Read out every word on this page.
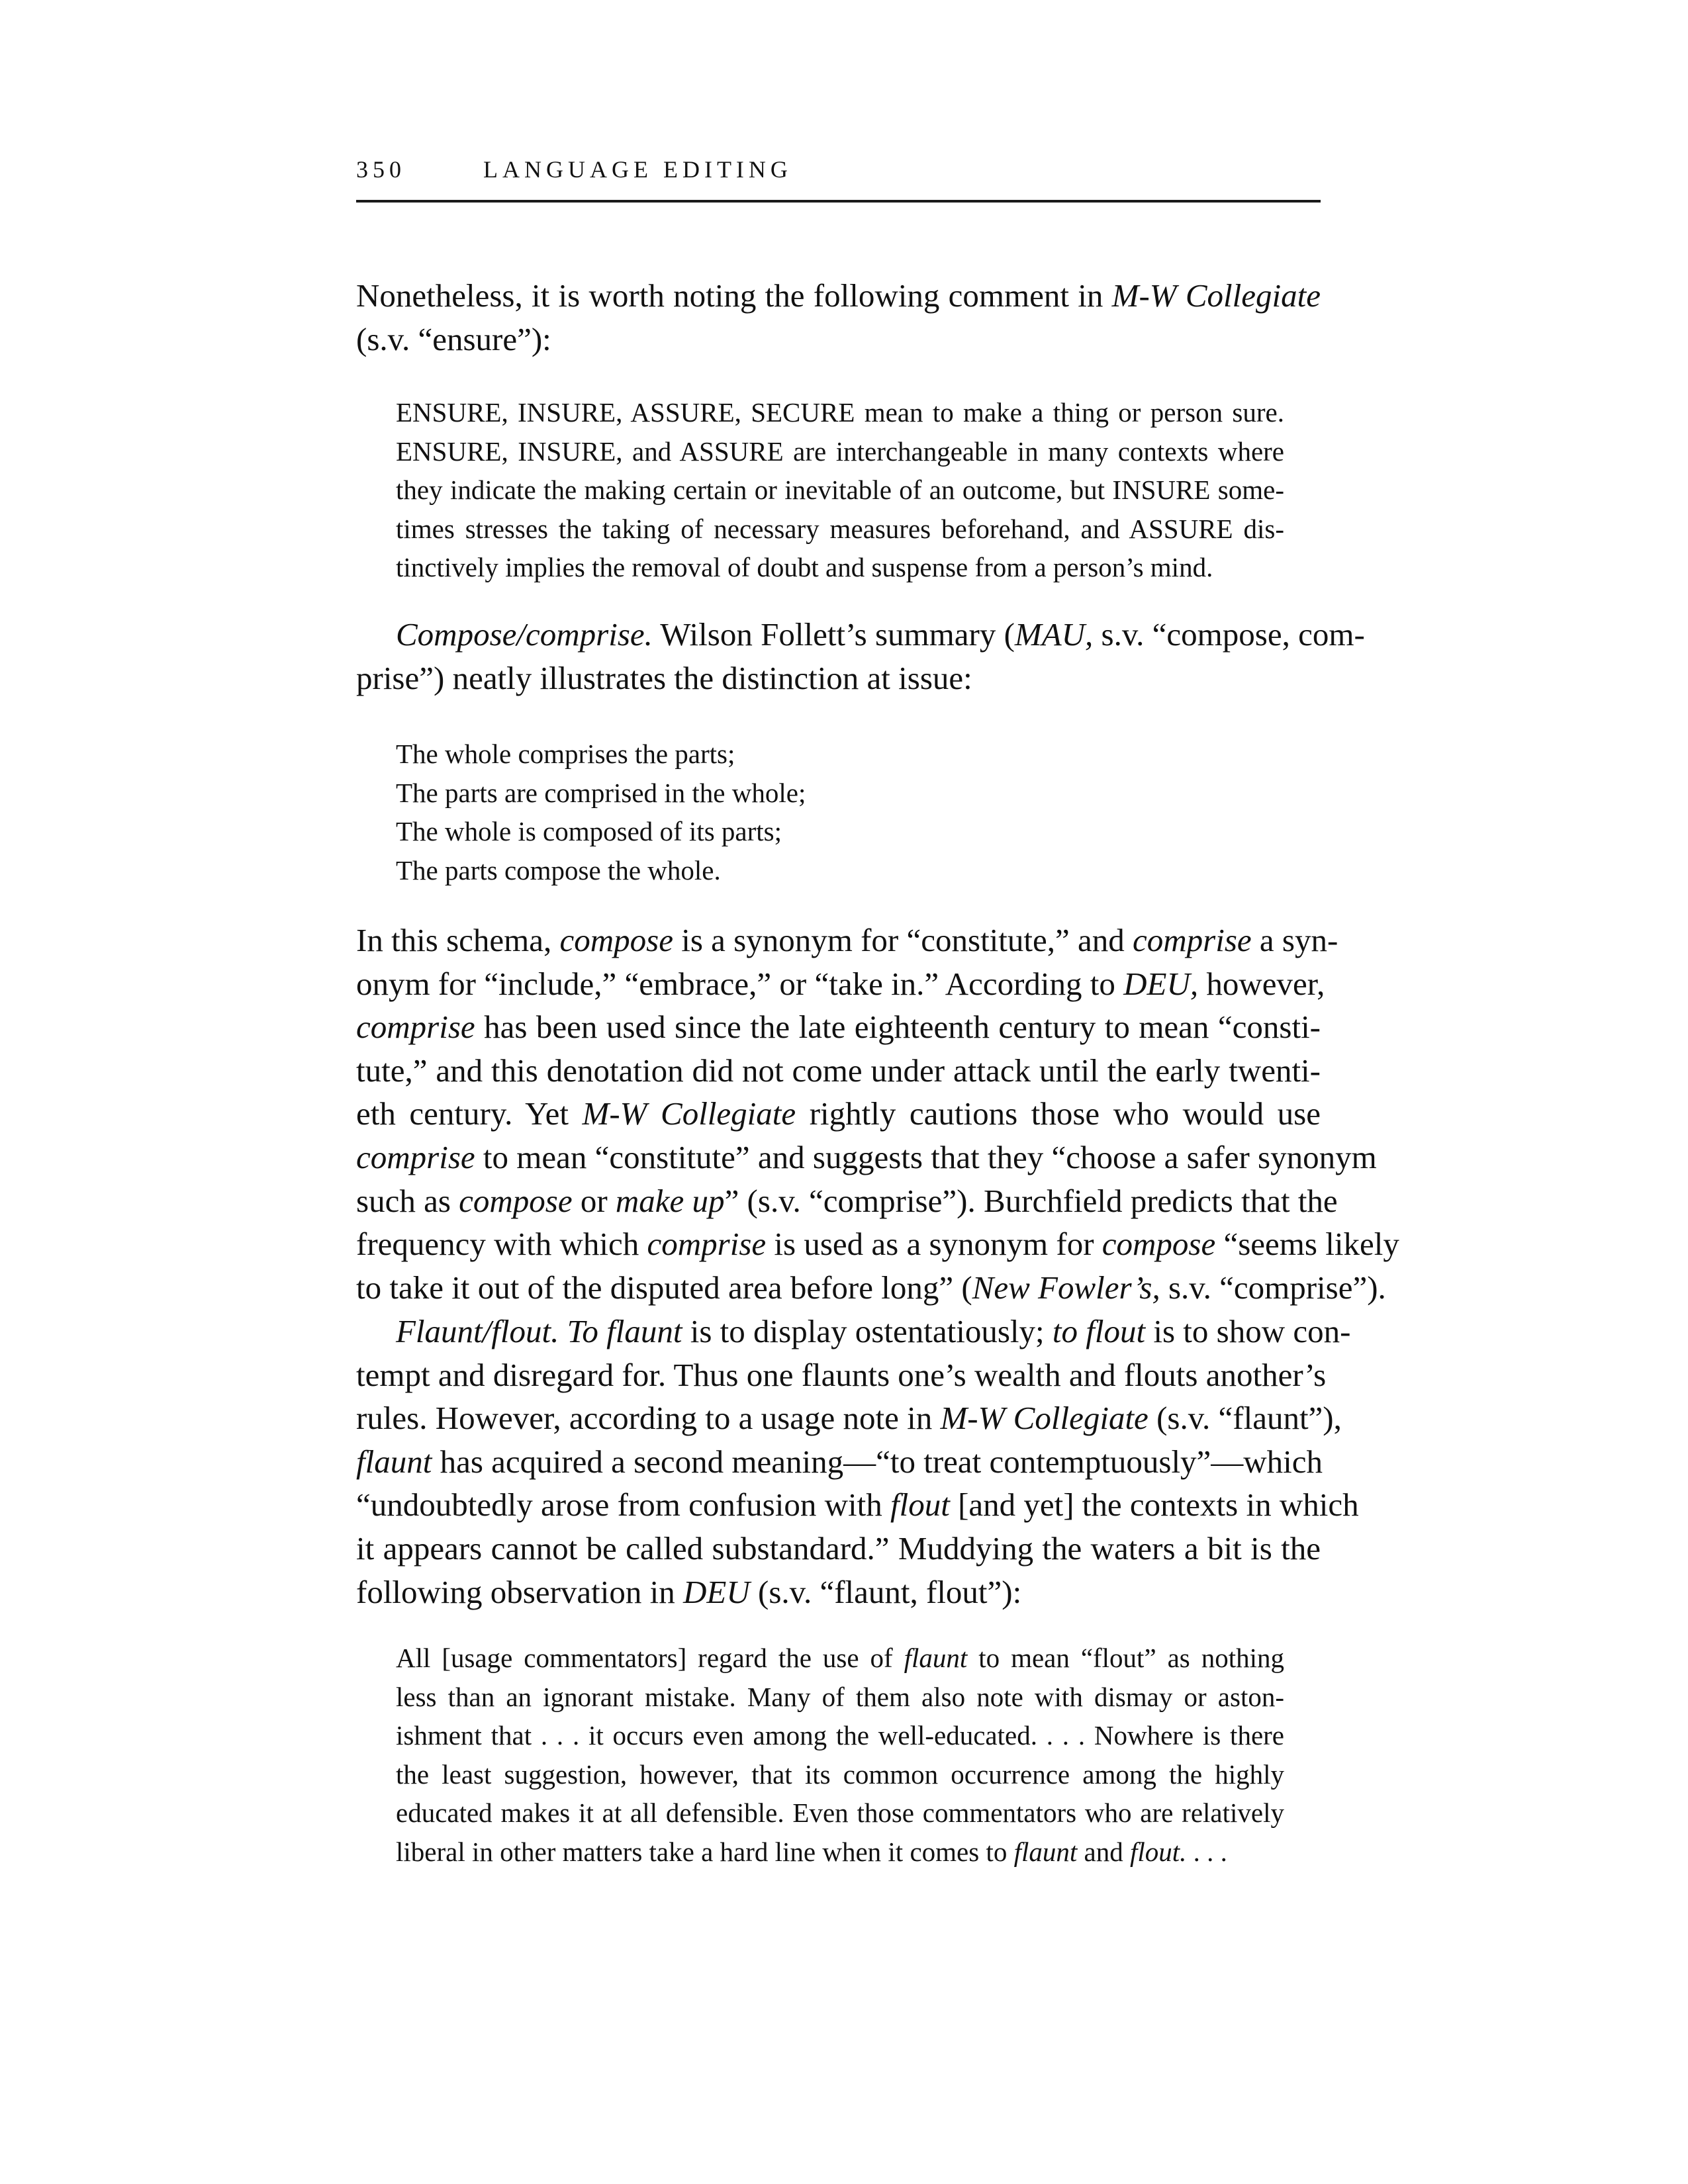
350	LANGUAGE EDITING
Nonetheless, it is worth noting the following comment in M-W Collegiate
(s.v. “ensure”):
ENSURE, INSURE, ASSURE, SECURE mean to make a thing or person sure.
ENSURE, INSURE, and ASSURE are interchangeable in many contexts where
they indicate the making certain or inevitable of an outcome, but INSURE some-
times stresses the taking of necessary measures beforehand, and ASSURE dis-
tinctively implies the removal of doubt and suspense from a person’s mind.
Compose/comprise. Wilson Follett’s summary (MAU, s.v. “compose, com-
prise”) neatly illustrates the distinction at issue:
The whole comprises the parts;
The parts are comprised in the whole;
The whole is composed of its parts;
The parts compose the whole.
In this schema, compose is a synonym for “constitute,” and comprise a syn-
onym for “include,” “embrace,” or “take in.” According to DEU, however,
comprise has been used since the late eighteenth century to mean “consti-
tute,” and this denotation did not come under attack until the early twenti-
eth century. Yet M-W Collegiate rightly cautions those who would use
comprise to mean “constitute” and suggests that they “choose a safer synonym
such as compose or make up” (s.v. “comprise”). Burchfield predicts that the
frequency with which comprise is used as a synonym for compose “seems likely
to take it out of the disputed area before long” (New Fowler’s, s.v. “comprise”).
Flaunt/flout. To flaunt is to display ostentatiously; to flout is to show con-
tempt and disregard for. Thus one flaunts one’s wealth and flouts another’s
rules. However, according to a usage note in M-W Collegiate (s.v. “flaunt”),
flaunt has acquired a second meaning—“to treat contemptuously”—which
“undoubtedly arose from confusion with flout [and yet] the contexts in which
it appears cannot be called substandard.” Muddying the waters a bit is the
following observation in DEU (s.v. “flaunt, flout”):
All [usage commentators] regard the use of flaunt to mean “flout” as nothing
less than an ignorant mistake. Many of them also note with dismay or aston-
ishment that . . . it occurs even among the well-educated. . . . Nowhere is there
the least suggestion, however, that its common occurrence among the highly
educated makes it at all defensible. Even those commentators who are relatively
liberal in other matters take a hard line when it comes to flaunt and flout. . . .
